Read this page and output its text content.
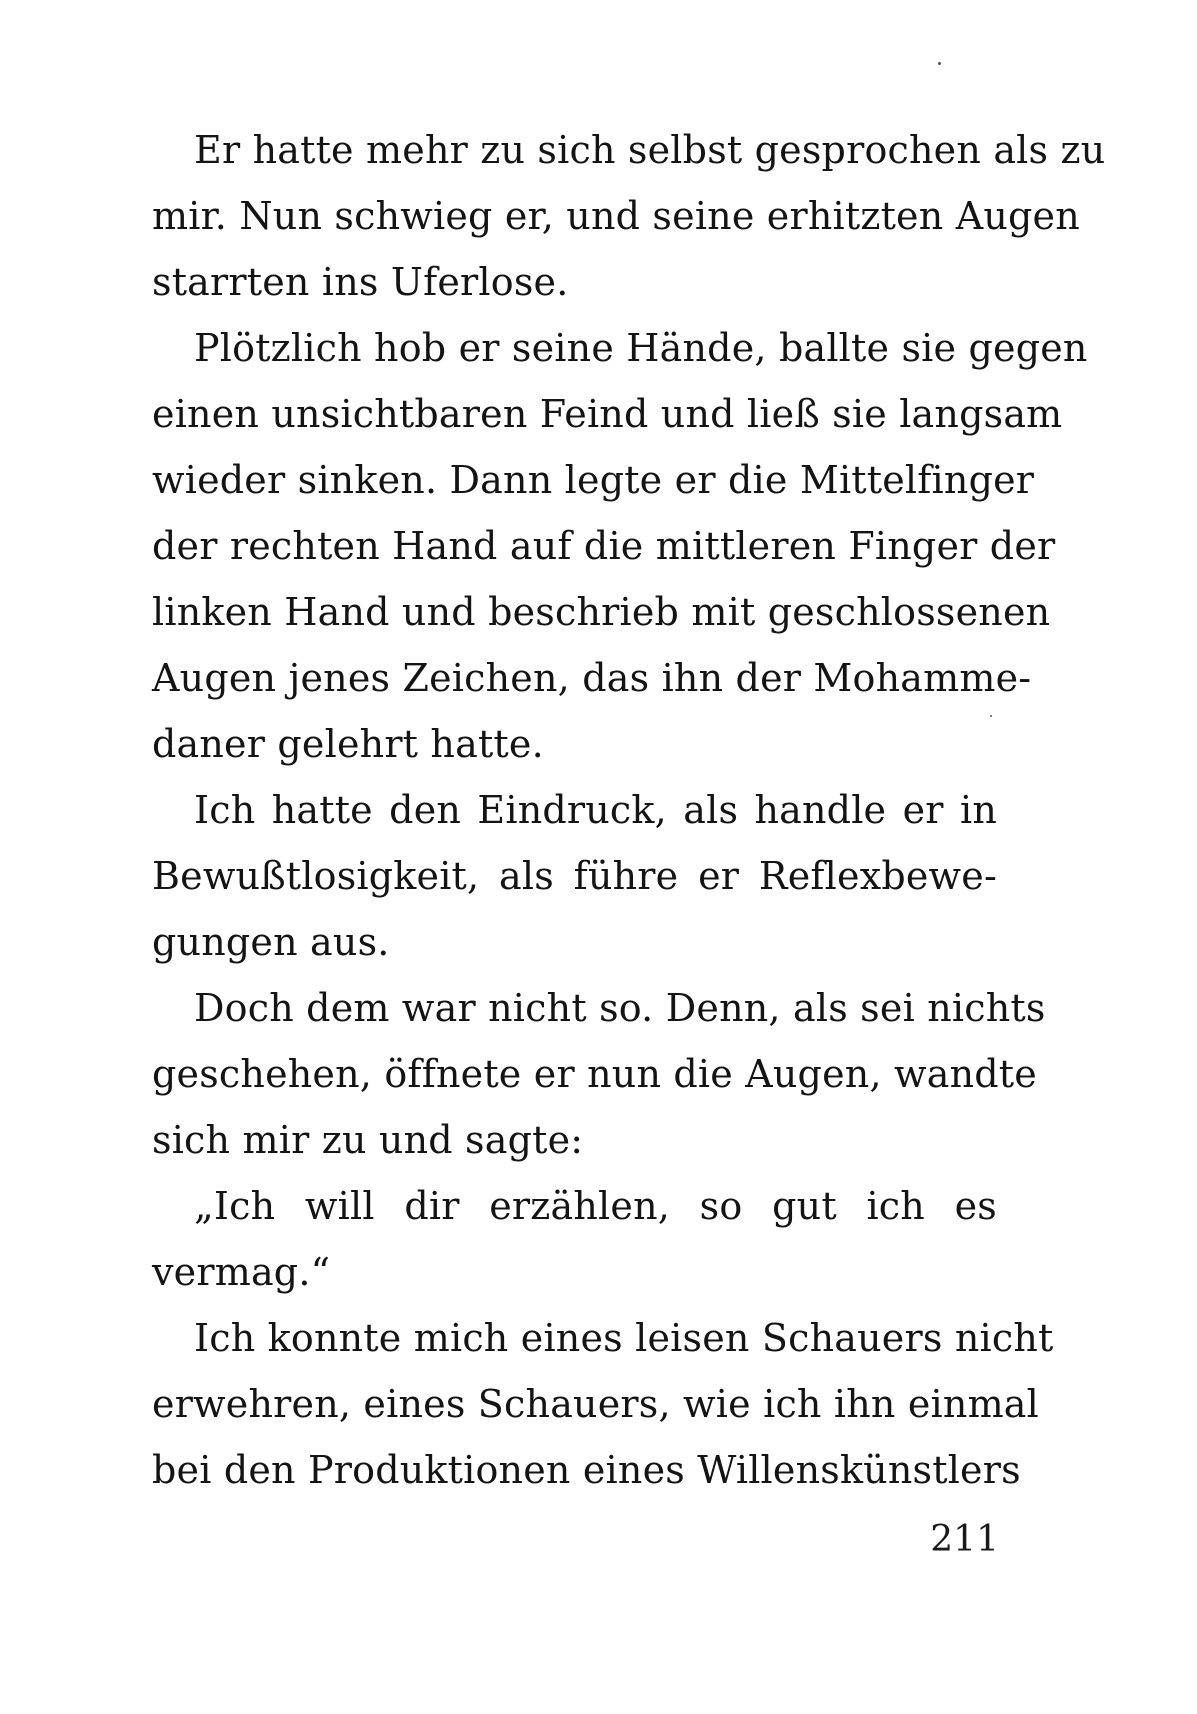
Er hatte mehr zu sich selbst gesprochen als zu
mir. Nun schwieg er, und seine erhitzten Augen
starrten ins Uferlose.
Plötzlich hob er seine Hände, ballte sie gegen
einen unsichtbaren Feind und ließ sie langsam
wieder sinken. Dann legte er die Mittelfinger
der rechten Hand auf die mittleren Finger der
linken Hand und beschrieb mit geschlossenen
Augen jenes Zeichen, das ihn der Mohamme-
daner gelehrt hatte.
Ich hatte den Eindruck, als handle er in
Bewußtlosigkeit, als führe er Reflexbewe-
gungen aus.
Doch dem war nicht so. Denn, als sei nichts
geschehen, öffnete er nun die Augen, wandte
sich mir zu und sagte:
„Ich will dir erzählen, so gut ich es
vermag.“
Ich konnte mich eines leisen Schauers nicht
erwehren, eines Schauers, wie ich ihn einmal
bei den Produktionen eines Willenskünstlers
211
